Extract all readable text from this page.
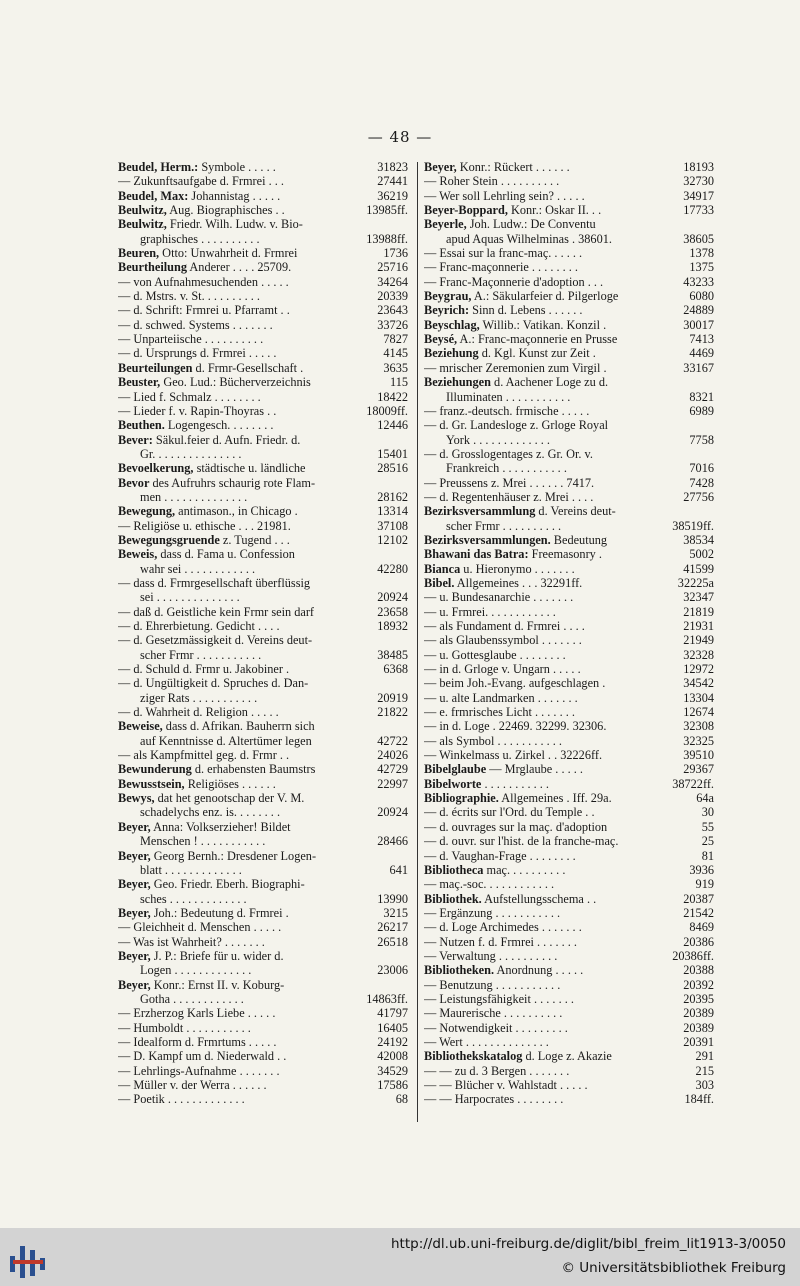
— 48 —
Beudel, Herm.: Symbole . . . . .	31823
— Zukunftsaufgabe d. Frmrei . . .	27441
Beudel, Max: Johannistag . . . . .	36219
Beulwitz, Aug. Biographisches . .	13985ff.
Beulwitz, Friedr. Wilh. Ludw. v. Bio-
graphisches . . . . . . . . . .	13988ff.
Beuren, Otto: Unwahrheit d. Frmrei	1736
Beurtheilung Anderer . . . . 25709.	25716
— von Aufnahmesuchenden . . . . .	34264
— d. Mstrs. v. St. . . . . . . . . .	20339
— d. Schrift: Frmrei u. Pfarramt . .	23643
— d. schwed. Systems . . . . . . .	33726
— Unparteiische . . . . . . . . . .	7827
— d. Ursprungs d. Frmrei . . . . .	4145
Beurteilungen d. Frmr-Gesellschaft .	3635
Beuster, Geo. Lud.: Bücherverzeichnis	115
— Lied f. Schmalz . . . . . . . .	18422
— Lieder f. v. Rapin-Thoyras . .	18009ff.
Beuthen. Logengesch. . . . . . . .	12446
Bever: Säkul.feier d. Aufn. Friedr. d.
Gr. . . . . . . . . . . . . . .	15401
Bevoelkerung, städtische u. ländliche	28516
Bevor des Aufruhrs schaurig rote Flam-
men . . . . . . . . . . . . . .	28162
Bewegung, antimason., in Chicago .	13314
— Religiöse u. ethische . . . 21981.	37108
Bewegungsgruende z. Tugend . . .	12102
Beweis, dass d. Fama u. Confession
wahr sei . . . . . . . . . . . .	42280
— dass d. Frmrgesellschaft überflüssig
sei . . . . . . . . . . . . . .	20924
— daß d. Geistliche kein Frmr sein darf	23658
— d. Ehrerbietung. Gedicht . . . .	18932
— d. Gesetzmässigkeit d. Vereins deut-
scher Frmr . . . . . . . . . . .	38485
— d. Schuld d. Frmr u. Jakobiner .	6368
— d. Ungültigkeit d. Spruches d. Dan-
ziger Rats . . . . . . . . . . .	20919
— d. Wahrheit d. Religion . . . . .	21822
Beweise, dass d. Afrikan. Bauherrn sich
auf Kenntnisse d. Altertümer legen	42722
— als Kampfmittel geg. d. Frmr . .	24026
Bewunderung d. erhabensten Baumstrs	42729
Bewusstsein, Religiöses . . . . . .	22997
Bewys, dat het genootschap der V. M.
schadelychs enz. is. . . . . . . .	20924
Beyer, Anna: Volkserzieher! Bildet
Menschen ! . . . . . . . . . . .	28466
Beyer, Georg Bernh.: Dresdener Logen-
blatt . . . . . . . . . . . . .	641
Beyer, Geo. Friedr. Eberh. Biographi-
sches . . . . . . . . . . . . .	13990
Beyer, Joh.: Bedeutung d. Frmrei .	3215
— Gleichheit d. Menschen . . . . .	26217
— Was ist Wahrheit? . . . . . . .	26518
Beyer, J. P.: Briefe für u. wider d.
Logen . . . . . . . . . . . . .	23006
Beyer, Konr.: Ernst II. v. Koburg-
Gotha . . . . . . . . . . . .	14863ff.
— Erzherzog Karls Liebe . . . . .	41797
— Humboldt . . . . . . . . . . .	16405
— Idealform d. Frmrtums . . . . .	24192
— D. Kampf um d. Niederwald . .	42008
— Lehrlings-Aufnahme . . . . . . .	34529
— Müller v. der Werra . . . . . .	17586
— Poetik . . . . . . . . . . . . .	68
Beyer, Konr.: Rückert . . . . . .	18193
— Roher Stein . . . . . . . . . .	32730
— Wer soll Lehrling sein? . . . . .	34917
Beyer-Boppard, Konr.: Oskar II. . .	17733
Beyerle, Joh. Ludw.: De Conventu
apud Aquas Wilhelminas . 38601.	38605
— Essai sur la franc-maç. . . . . .	1378
— Franc-maçonnerie . . . . . . . .	1375
— Franc-Maçonnerie d'adoption . . .	43233
Beygrau, A.: Säkularfeier d. Pilgerloge	6080
Beyrich: Sinn d. Lebens . . . . . .	24889
Beyschlag, Willib.: Vatikan. Konzil .	30017
Beysé, A.: Franc-maçonnerie en Prusse	7413
Beziehung d. Kgl. Kunst zur Zeit .	4469
— mrischer Zeremonien zum Virgil .	33167
Beziehungen d. Aachener Loge zu d.
Illuminaten . . . . . . . . . . .	8321
— franz.-deutsch. frmische . . . . .	6989
— d. Gr. Landesloge z. Grloge Royal
York . . . . . . . . . . . . .	7758
— d. Grosslogentages z. Gr. Or. v.
Frankreich . . . . . . . . . . .	7016
— Preussens z. Mrei . . . . . . 7417.	7428
— d. Regentenhäuser z. Mrei . . . .	27756
Bezirksversammlung d. Vereins deut-
scher Frmr . . . . . . . . . .	38519ff.
Bezirksversammlungen. Bedeutung	38534
Bhawani das Batra: Freemasonry .	5002
Bianca u. Hieronymo . . . . . . .	41599
Bibel. Allgemeines . . . 32291ff.	32225a
— u. Bundesanarchie . . . . . . .	32347
— u. Frmrei. . . . . . . . . . . .	21819
— als Fundament d. Frmrei . . . .	21931
— als Glaubenssymbol . . . . . . .	21949
— u. Gottesglaube . . . . . . . .	32328
— in d. Grloge v. Ungarn . . . . .	12972
— beim Joh.-Evang. aufgeschlagen .	34542
— u. alte Landmarken . . . . . . .	13304
— e. frmrisches Licht . . . . . . .	12674
— in d. Loge . 22469. 32299. 32306.	32308
— als Symbol . . . . . . . . . . .	32325
— Winkelmass u. Zirkel . . 32226ff.	39510
Bibelglaube — Mrglaube . . . . .	29367
Bibelworte . . . . . . . . . . .	38722ff.
Bibliographie. Allgemeines . Iff. 29a.	64a
— d. écrits sur l'Ord. du Temple . .	30
— d. ouvrages sur la maç. d'adoption	55
— d. ouvr. sur l'hist. de la franche-maç.	25
— d. Vaughan-Frage . . . . . . . .	81
Bibliotheca maç. . . . . . . . . .	3936
— maç.-soc. . . . . . . . . . . .	919
Bibliothek. Aufstellungsschema . .	20387
— Ergänzung . . . . . . . . . . .	21542
— d. Loge Archimedes . . . . . . .	8469
— Nutzen f. d. Frmrei . . . . . . .	20386
— Verwaltung . . . . . . . . . .	20386ff.
Bibliotheken. Anordnung . . . . .	20388
— Benutzung . . . . . . . . . . .	20392
— Leistungsfähigkeit . . . . . . .	20395
— Maurerische . . . . . . . . . .	20389
— Notwendigkeit . . . . . . . . .	20389
— Wert . . . . . . . . . . . . . .	20391
Bibliothekskatalog d. Loge z. Akazie	291
— — zu d. 3 Bergen . . . . . . .	215
— — Blücher v. Wahlstadt . . . . .	303
— — Harpocrates . . . . . . . .	184ff.
http://dl.ub.uni-freiburg.de/diglit/bibl_freim_lit1913-3/0050
© Universitätsbibliothek Freiburg
